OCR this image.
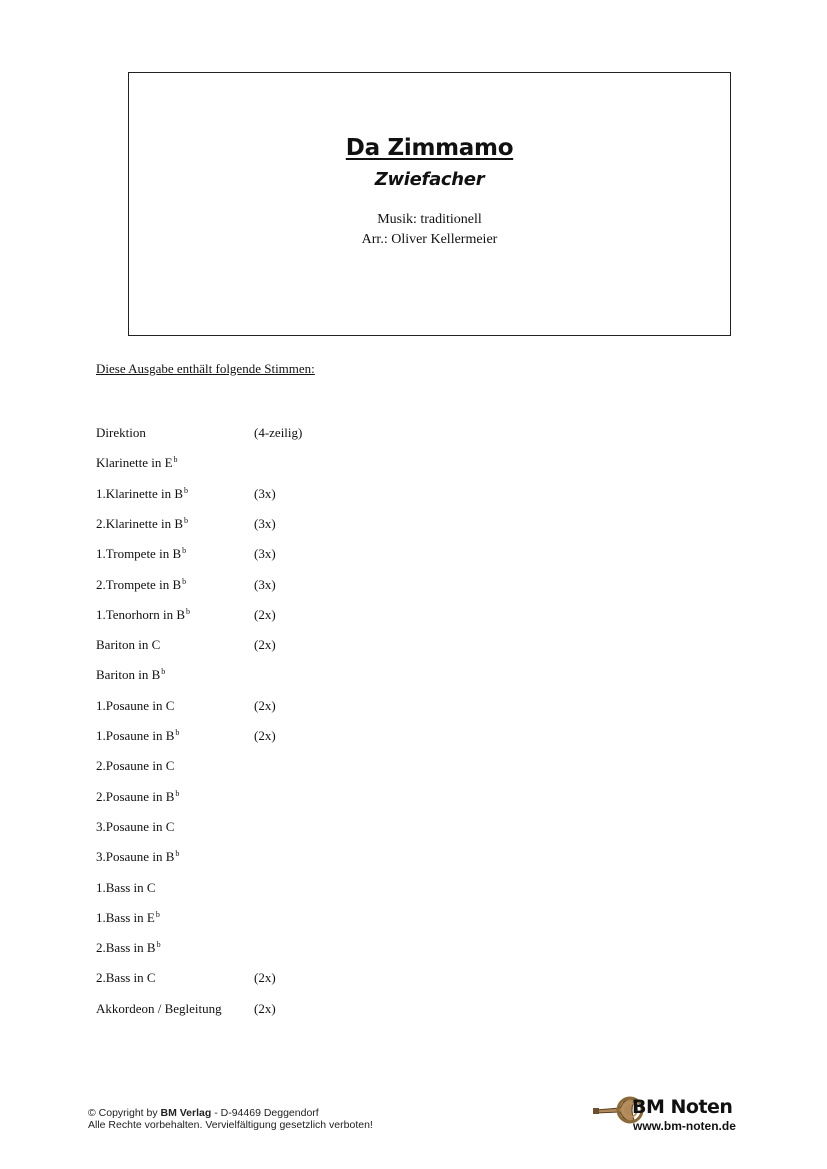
Da Zimmamo
Zwiefacher
Musik: traditionell
Arr.: Oliver Kellermeier
Diese Ausgabe enthält folgende Stimmen:
Direktion	(4-zeilig)
Klarinette in $E^b$
1.Klarinette in $B^b$	(3x)
2.Klarinette in $B^b$	(3x)
1.Trompete in $B^b$	(3x)
2.Trompete in $B^b$	(3x)
1.Tenorhorn in $B^b$	(2x)
Bariton in C	(2x)
Bariton in $B^b$
1.Posaune in C	(2x)
1.Posaune in $B^b$	(2x)
2.Posaune in C
2.Posaune in $B^b$
3.Posaune in C
3.Posaune in $B^b$
1.Bass in C
1.Bass in $E^b$
2.Bass in $B^b$
2.Bass in C	(2x)
Akkordeon / Begleitung (2x)
© Copyright by BM Verlag - D-94469 Deggendorf
Alle Rechte vorbehalten. Vervielfältigung gesetzlich verboten!
BM Noten
www.bm-noten.de
